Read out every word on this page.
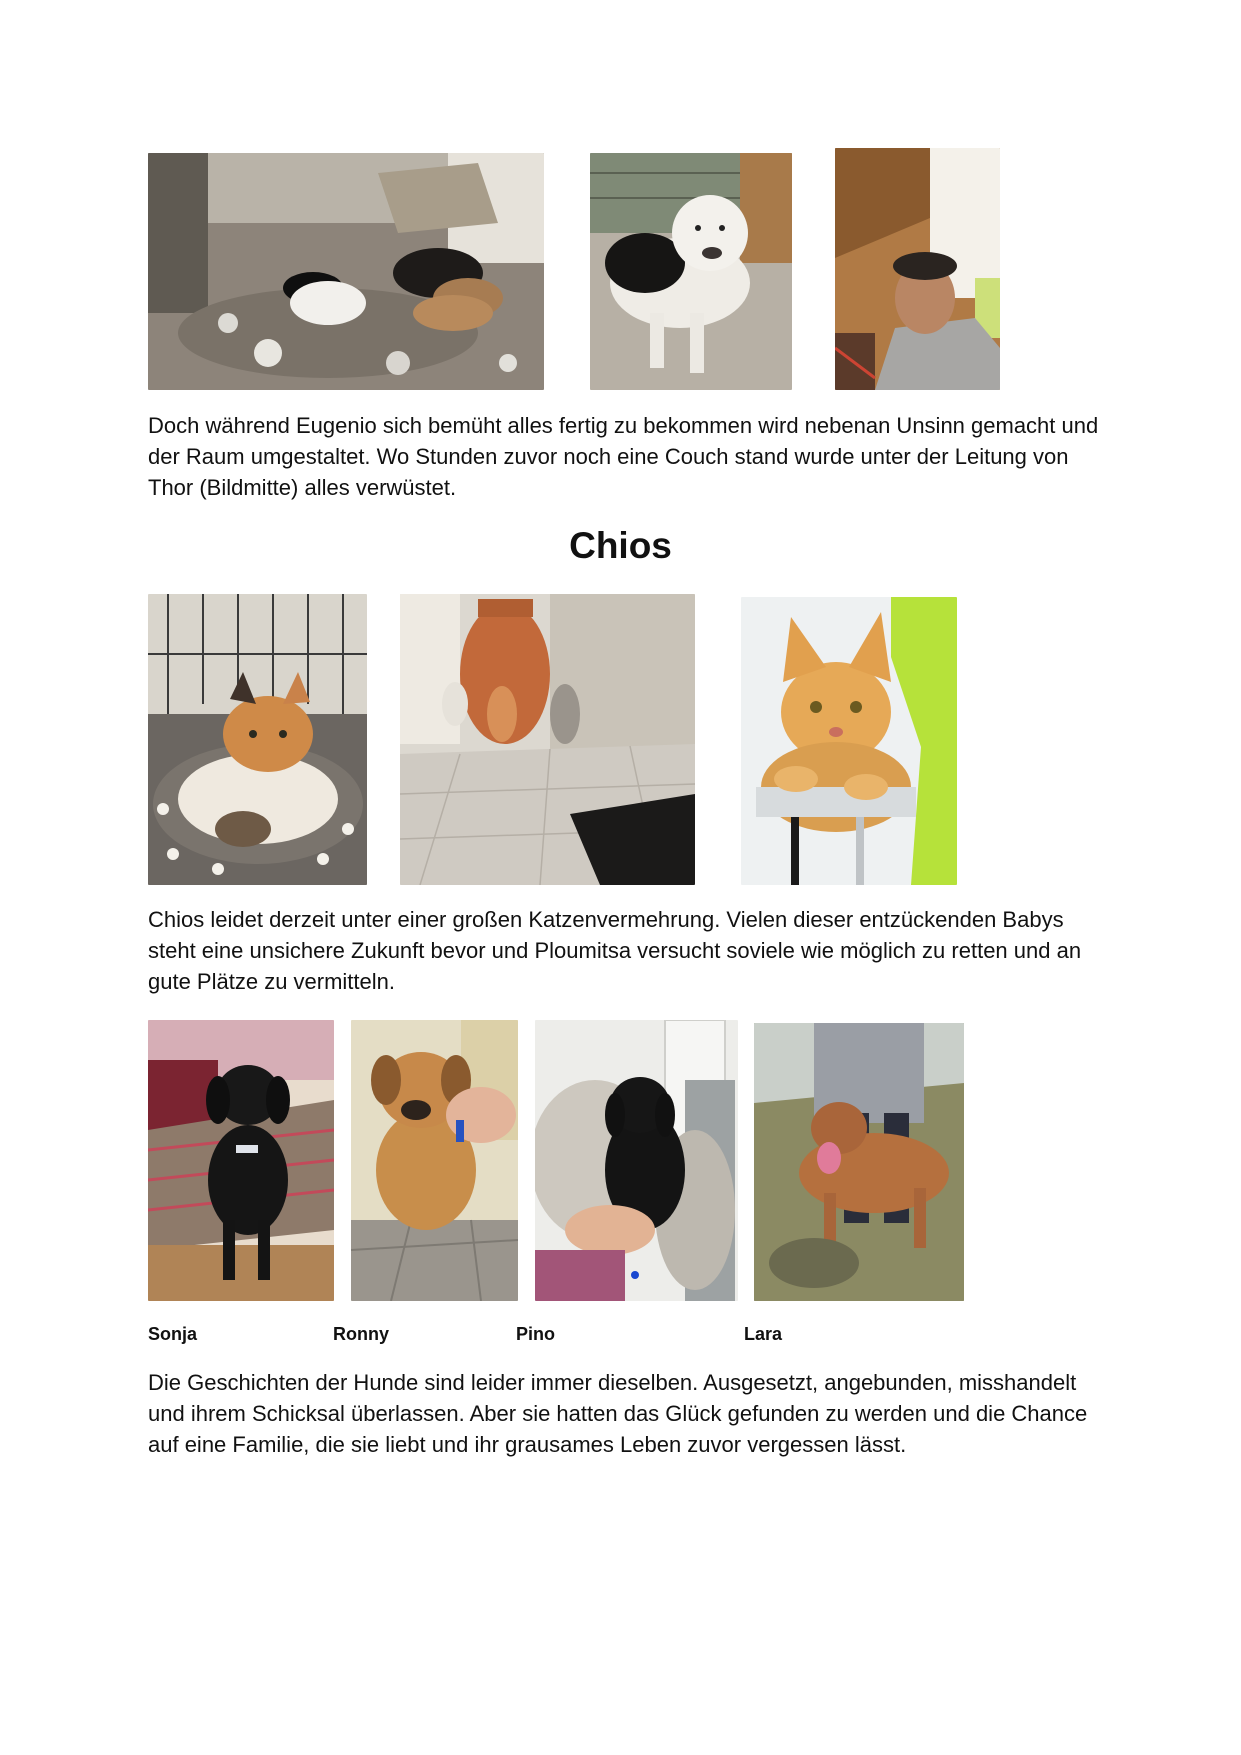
Doch während Eugenio sich bemüht alles fertig zu bekommen wird nebenan Unsinn gemacht und der Raum umgestaltet. Wo Stunden zuvor noch eine Couch stand wurde unter der Leitung von Thor (Bildmitte) alles verwüstet.

Chios

Chios leidet derzeit unter einer großen Katzenvermehrung. Vielen dieser entzückenden Babys steht eine unsichere Zukunft bevor und Ploumitsa versucht soviele wie möglich zu retten und an gute Plätze zu vermitteln.

Sonja	Ronny	Pino	Lara

Die Geschichten der Hunde sind leider immer dieselben. Ausgesetzt, angebunden, misshandelt und ihrem Schicksal überlassen. Aber sie hatten das Glück gefunden zu werden und die Chance auf eine Familie, die sie liebt und ihr grausames Leben zuvor vergessen lässt.
